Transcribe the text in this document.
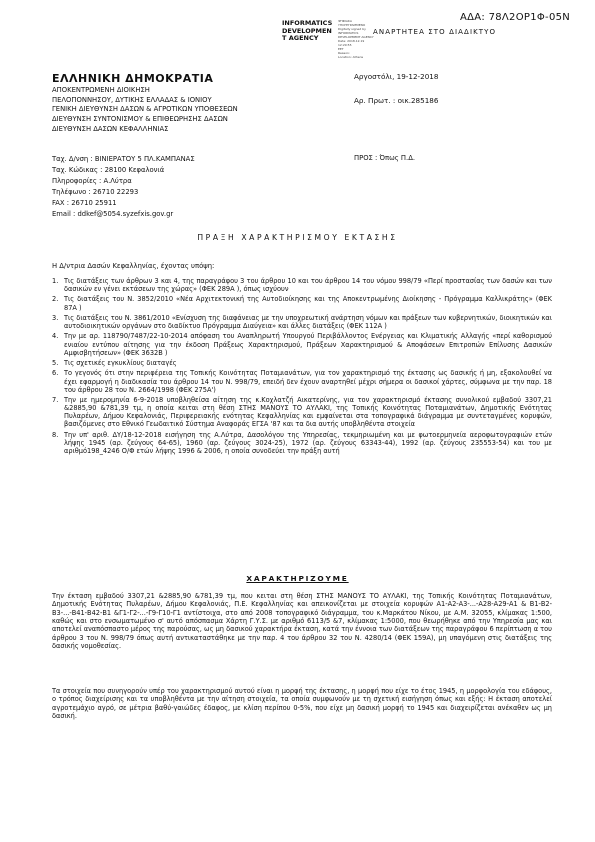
ΑΔΑ: 78Λ2ΟΡ1Φ-05Ν
INFORMATICS
DEVELOPMEN
T AGENCY
ΨΗΦΙΑΚΑ ΥΠΟΓΕΓΡΑΜΜΕΝΟ
Digitally signed by
INFORMATICS DEVELOPMENT AGENCY
Date: 2018.12.19 12:29:55
EET
Reason:
Location: Athens
ΑΝΑΡΤΗΤΕΑ ΣΤΟ ΔΙΑΔΙΚΤΥΟ
ΕΛΛΗΝΙΚΗ ΔΗΜΟΚΡΑΤΙΑ
ΑΠΟΚΕΝΤΡΩΜΕΝΗ ΔΙΟΙΚΗΣΗ
ΠΕΛΟΠΟΝΝΗΣΟΥ, ΔΥΤΙΚΗΣ ΕΛΛΑΔΑΣ & ΙΟΝΙΟΥ
ΓΕΝΙΚΗ ΔΙΕΥΘΥΝΣΗ ΔΑΣΩΝ & ΑΓΡΟΤΙΚΩΝ ΥΠΟΘΕΣΕΩΝ
ΔΙΕΥΘΥΝΣΗ ΣΥΝΤΟΝΙΣΜΟΥ & ΕΠΙΘΕΩΡΗΣΗΣ ΔΑΣΩΝ
ΔΙΕΥΘΥΝΣΗ ΔΑΣΩΝ ΚΕΦΑΛΛΗΝΙΑΣ
Αργοστόλι, 19-12-2018
Αρ. Πρωτ. : οικ.285186
Ταχ. Δ/νση : ΒΙΝΙΕΡΑΤΟΥ 5 ΠΛ.ΚΑΜΠΑΝΑΣ
Ταχ. Κώδικας : 28100 Κεφαλονιά
Πληροφορίες : Α.Λύτρα
Τηλέφωνο : 26710 22293
FAX : 26710 25911
Email : ddkef@5054.syzefxis.gov.gr
ΠΡΟΣ : Όπως Π.Δ.
ΠΡΑΞΗ ΧΑΡΑΚΤΗΡΙΣΜΟΥ ΕΚΤΑΣΗΣ
Η Δ/ντρια Δασών Κεφαλληνίας, έχοντας υπόψη:
1. Τις διατάξεις των άρθρων 3 και 4, της παραγράφου 3 του άρθρου 10 και του άρθρου 14 του νόμου 998/79 «Περί προστασίας των δασών και των δασικών εν γένει εκτάσεων της χώρας» (ΦΕΚ 289Α ), όπως ισχύουν
2. Τις διατάξεις του Ν. 3852/2010 «Νέα Αρχιτεκτονική της Αυτοδιοίκησης και της Αποκεντρωμένης Διοίκησης - Πρόγραμμα Καλλικράτης» (ΦΕΚ 87Α )
3. Τις διατάξεις του Ν. 3861/2010 «Ενίσχυση της διαφάνειας με την υποχρεωτική ανάρτηση νόμων και πράξεων των κυβερνητικών, διοικητικών και αυτοδιοικητικών οργάνων στο διαδίκτυο Πρόγραμμα Διαύγεια» και άλλες διατάξεις (ΦΕΚ 112Α )
4. Την με αρ. 118790/7487/22-10-2014 απόφαση του Αναπληρωτή Υπουργού Περιβάλλοντος Ενέργειας και Κλιματικής Αλλαγής «περί καθορισμού ενιαίου εντύπου αίτησης για την έκδοση Πράξεως Χαρακτηρισμού, Πράξεων Χαρακτηρισμού & Αποφάσεων Επιτροπών Επίλυσης Δασικών Αμφισβητήσεων» (ΦΕΚ 3632Β )
5. Τις σχετικές εγκυκλίους διαταγές
6. Το γεγονός ότι στην περιφέρεια της Τοπικής Κοινότητας Ποταμιανάτων, για τον χαρακτηρισμό της έκτασης ως δασικής ή μη, εξακολουθεί να έχει εφαρμογή η διαδικασία του άρθρου 14 του Ν. 998/79, επειδή δεν έχουν αναρτηθεί μέχρι σήμερα οι δασικοί χάρτες, σύμφωνα με την παρ. 18 του άρθρου 28 του Ν. 2664/1998 (ΦΕΚ 275Α')
7. Την με ημερομηνία 6-9-2018 υποβληθείσα αίτηση της κ.Κοχλατζή Αικατερίνης, για τον χαρακτηρισμό έκτασης συνολικού εμβαδού 3307,21 &2885,90 &781,39 τμ, η οποία κειται στη θέση ΣΤΗΣ ΜΑΝΟΥΣ ΤΟ ΑΥΛΑΚΙ, της Τοπικής Κοινότητας Ποταμιανάτων, Δημοτικής Ενότητας Πυλαρέων, Δήμου Κεφαλονιάς, Περιφερειακής ενότητας Κεφαλληνίας και εμφαίνεται στα τοπογραφικά διάγραμμα με συντεταγμένες κορυφών, βασιζόμενες στο Εθνικό Γεωδαιτικό Σύστημα Αναφοράς ΕΓΣΑ '87 και τα δια αυτής υποβληθέντα στοιχεία
8. Την υπ' αριθ. ΔΥ/18-12-2018 εισήγηση της Α.Λύτρα, Δασολόγου της Υπηρεσίας, τεκμηριωμένη και με φωτοερμηνεία αεροφωτογραφιών ετών λήψης 1945 (αρ. ζεύγους 64-65), 1960 (αρ. ζεύγους 3024-25), 1972 (αρ. ζεύγους 63343-44), 1992 (αρ. ζεύγους 235553-54) και του με αριθμό198_4246 Ο/Φ ετών λήψης 1996 & 2006, η οποία συνοδεύει την πράξη αυτή
ΧΑΡΑΚΤΗΡΙΖΟΥΜΕ
Την έκταση εμβαδού 3307,21 &2885,90 &781,39 τμ, που κειται στη θέση ΣΤΗΣ ΜΑΝΟΥΣ ΤΟ ΑΥΛΑΚΙ, της Τοπικής Κοινότητας Ποταμιανάτων, Δημοτικής Ενότητας Πυλαρέων, Δήμου Κεφαλονιάς, Π.Ε. Κεφαλληνίας και απεικονίζεται με στοιχεία κορυφών Α1-Α2-Α3-...-Α28-Α29-Α1 & Β1-Β2-Β3-...-Β41-Β42-Β1 &Γ1-Γ2-...-Γ9-Γ10-Γ1 αντίστοιχα, στο από 2008 τοπογραφικό διάγραμμα, του κ.Μαρκάτου Νίκου, με Α.Μ. 32055, κλίμακας 1:500, καθώς και στο ενσωματωμένο σ' αυτό απόσπασμα Χάρτη Γ.Υ.Σ. με αριθμό 6113/5 &7, κλίμακας 1:5000, που θεωρήθηκε από την Υπηρεσία μας και αποτελεί αναπόσπαστο μέρος της παρούσας, ως μη δασικού χαρακτήρα έκταση, κατά την έννοια των διατάξεων της παραγράφου 6 περίπτωση α του άρθρου 3 του Ν. 998/79 όπως αυτή αντικαταστάθηκε με την παρ. 4 του άρθρου 32 του Ν. 4280/14 (ΦΕΚ 159Α), μη υπαγόμενη στις διατάξεις της δασικής νομοθεσίας.
Τα στοιχεία που συνηγορούν υπέρ του χαρακτηρισμού αυτού είναι η μορφή της έκτασης, η μορφή που είχε το έτος 1945, η μορφολογία του εδάφους, ο τρόπος διαχείρισης και τα υποβληθέντα με την αίτηση στοιχεία, τα οποία συμφωνούν με τη σχετική εισήγηση όπως και εξής: Η έκταση αποτελεί αγροτεμάχιο αγρό, σε μέτρια βαθύ-γαιώδες έδαφος, με κλίση περίπου 0-5%, που είχε μη δασική μορφή το 1945 και διαχειρίζεται ανέκαθεν ως μη δασική.
